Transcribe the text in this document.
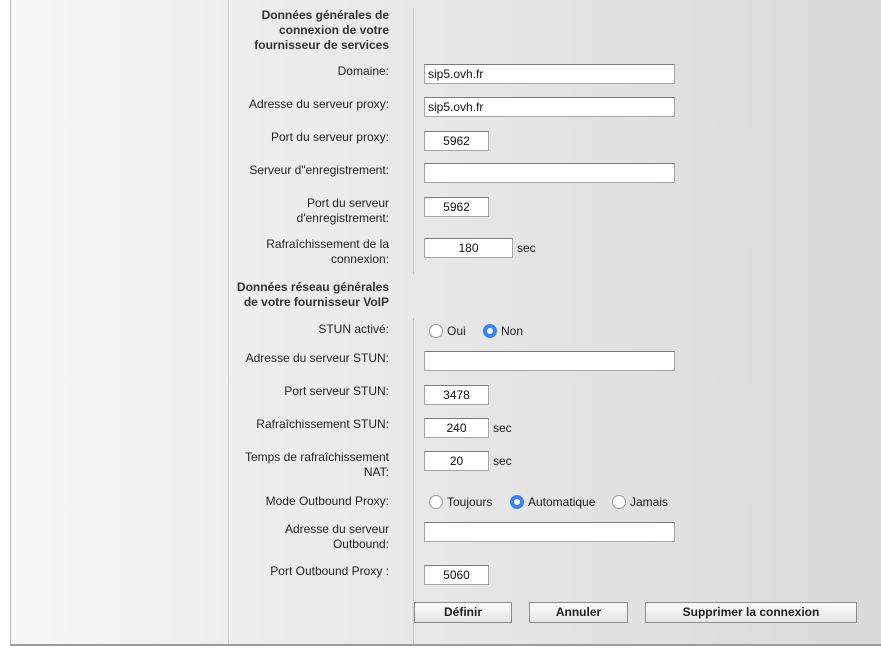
Données générales de
connexion de votre
fournisseur de services
Domaine:
sip5.ovh.fr
Adresse du serveur proxy:
sip5.ovh.fr
Port du serveur proxy:
5962
Serveur d"enregistrement:
Port du serveur
d'enregistrement:
5962
Rafraîchissement de la
connexion:
180
sec
Données réseau générales
de votre fournisseur VoIP
STUN activé:	Oui	Non
Adresse du serveur STUN:
Port serveur STUN:
3478
Rafraîchissement STUN:
240	sec
Temps de rafraîchissement
NAT:
20
sec
Mode Outbound Proxy:	Toujours	Automatique	Jamais
Adresse du serveur
Outbound:
Port Outbound Proxy :
5060
Définir	Annuler	Supprimer la connexion
